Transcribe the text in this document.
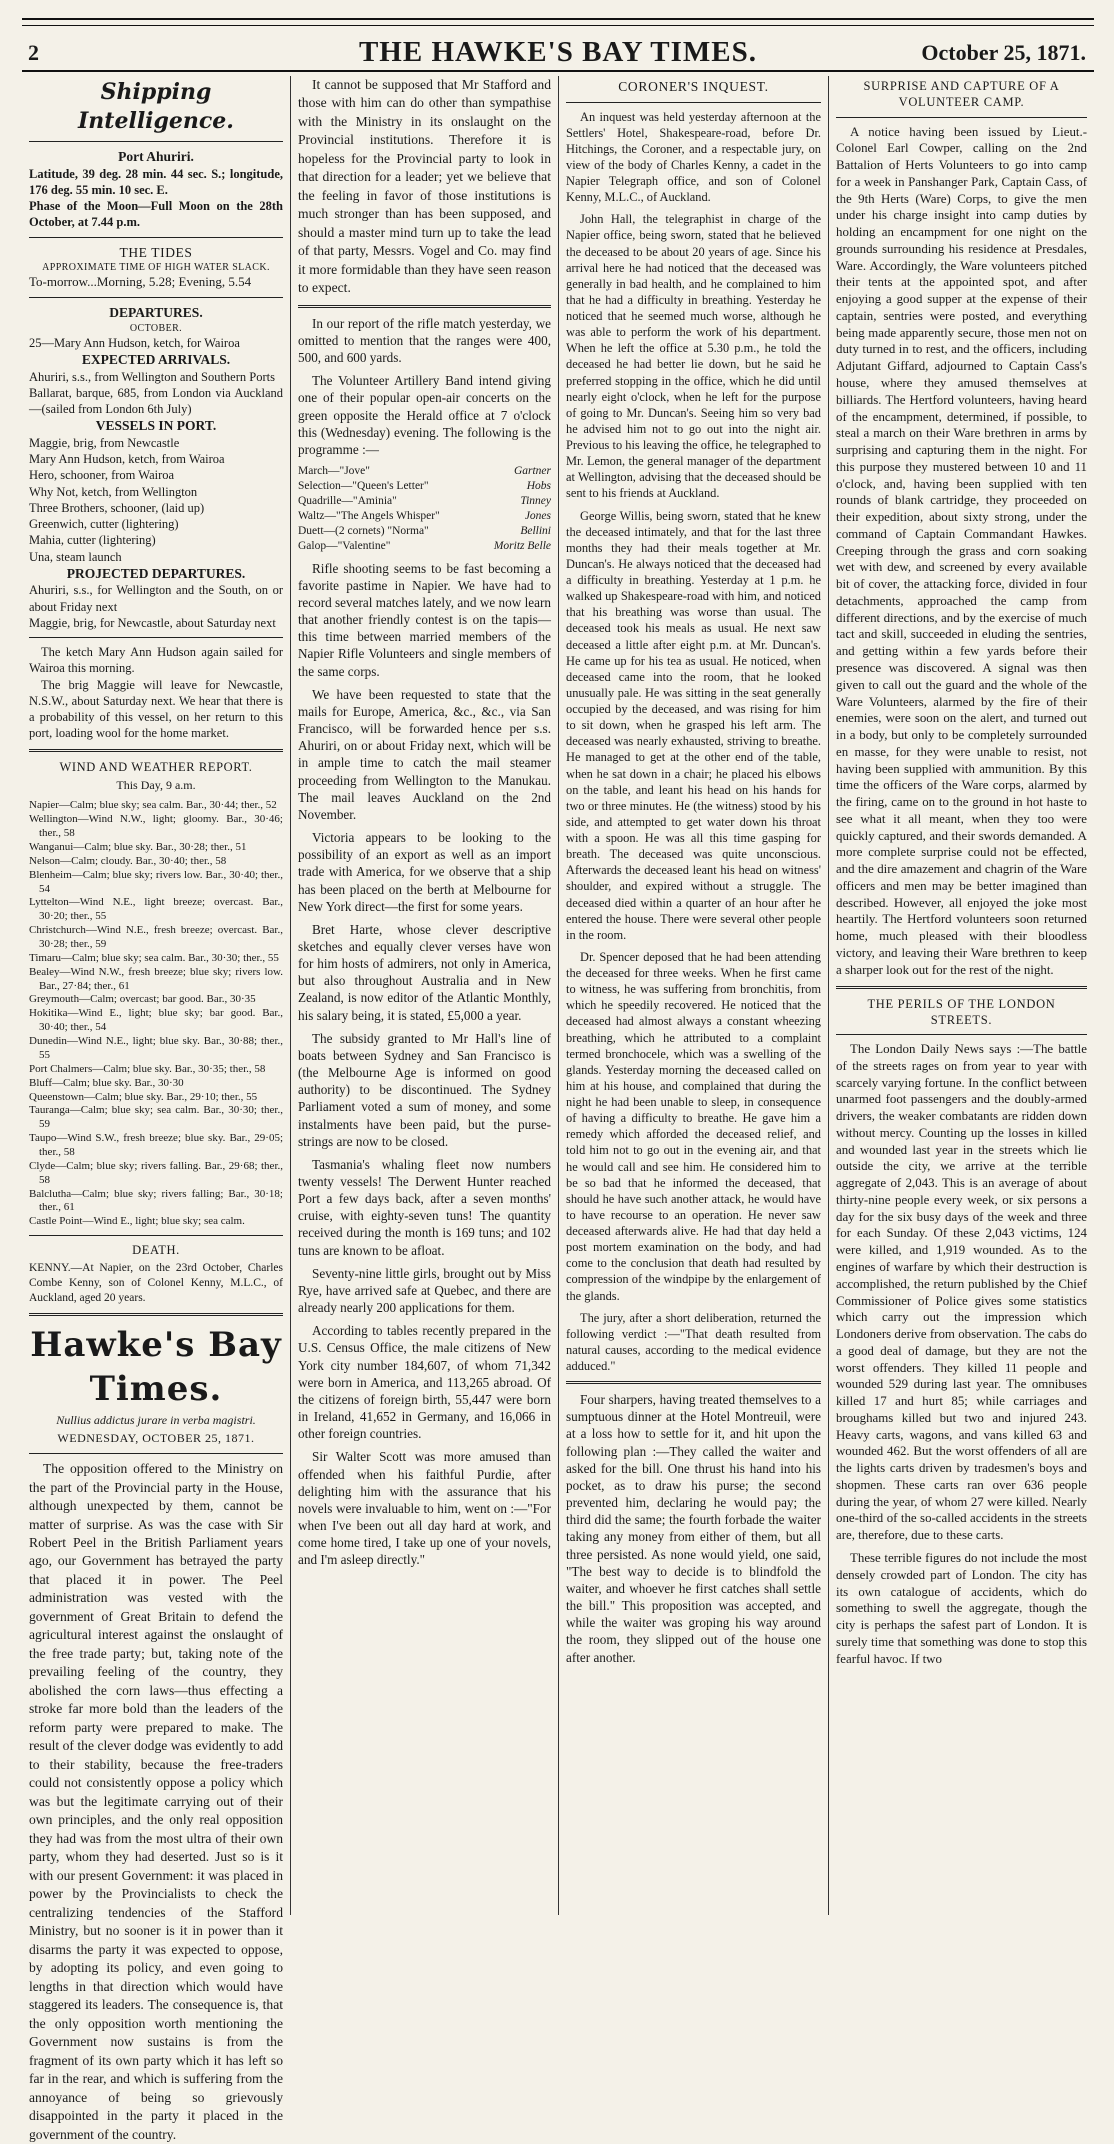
2	THE HAWKE'S BAY TIMES.	October 25, 1871.
Shipping Intelligence.

Port Ahuriri.

Latitude, 39 deg. 28 min. 44 sec. S.; longitude, 176 deg. 55 min. 10 sec. E.

Phase of the Moon—Full Moon on the 28th October, at 7.44 p.m.

THE TIDES

APPROXIMATE TIME OF HIGH WATER SLACK.

To-morrow...Morning, 5.28; Evening, 5.54

DEPARTURES.

OCTOBER.

25—Mary Ann Hudson, ketch, for Wairoa

EXPECTED ARRIVALS.

Ahuriri, s.s., from Wellington and Southern Ports

Ballarat, barque, 685, from London via Auckland—(sailed from London 6th July)

VESSELS IN PORT.

Maggie, brig, from Newcastle

Mary Ann Hudson, ketch, from Wairoa

Hero, schooner, from Wairoa

Why Not, ketch, from Wellington

Three Brothers, schooner, (laid up)

Greenwich, cutter (lightering)

Mahia, cutter (lightering)

Una, steam launch

PROJECTED DEPARTURES.

Ahuriri, s.s., for Wellington and the South, on or about Friday next

Maggie, brig, for Newcastle, about Saturday next

The ketch Mary Ann Hudson again sailed for Wairoa this morning.

The brig Maggie will leave for Newcastle, N.S.W., about Saturday next. We hear that there is a probability of this vessel, on her return to this port, loading wool for the home market.

WIND AND WEATHER REPORT.

This Day, 9 a.m.

Napier—Calm; blue sky; sea calm. Bar., 30·44; ther., 52

Wellington—Wind N.W., light; gloomy. Bar., 30·46; ther., 58

Wanganui—Calm; blue sky. Bar., 30·28; ther., 51

Nelson—Calm; cloudy. Bar., 30·40; ther., 58

Blenheim—Calm; blue sky; rivers low. Bar., 30·40; ther., 54

Lyttelton—Wind N.E., light breeze; overcast. Bar., 30·20; ther., 55

Christchurch—Wind N.E., fresh breeze; overcast. Bar., 30·28; ther., 59

Timaru—Calm; blue sky; sea calm. Bar., 30·30; ther., 55

Bealey—Wind N.W., fresh breeze; blue sky; rivers low. Bar., 27·84; ther., 61

Greymouth—Calm; overcast; bar good. Bar., 30·35

Hokitika—Wind E., light; blue sky; bar good. Bar., 30·40; ther., 54

Dunedin—Wind N.E., light; blue sky. Bar., 30·88; ther., 55

Port Chalmers—Calm; blue sky. Bar., 30·35; ther., 58

Bluff—Calm; blue sky. Bar., 30·30

Queenstown—Calm; blue sky. Bar., 29·10; ther., 55

Tauranga—Calm; blue sky; sea calm. Bar., 30·30; ther., 59

Taupo—Wind S.W., fresh breeze; blue sky. Bar., 29·05; ther., 58

Clyde—Calm; blue sky; rivers falling. Bar., 29·68; ther., 58

Balclutha—Calm; blue sky; rivers falling; Bar., 30·18; ther., 61

Castle Point—Wind E., light; blue sky; sea calm.

DEATH.

KENNY.—At Napier, on the 23rd October, Charles Combe Kenny, son of Colonel Kenny, M.L.C., of Auckland, aged 20 years.

Hawke's Bay Times.

Nullius addictus jurare in verba magistri.

WEDNESDAY, OCTOBER 25, 1871.

The opposition offered to the Ministry on the part of the Provincial party in the House, although unexpected by them, cannot be matter of surprise. As was the case with Sir Robert Peel in the British Parliament years ago, our Government has betrayed the party that placed it in power. The Peel administration was vested with the government of Great Britain to defend the agricultural interest against the onslaught of the free trade party; but, taking note of the prevailing feeling of the country, they abolished the corn laws—thus effecting a stroke far more bold than the leaders of the reform party were prepared to make. The result of the clever dodge was evidently to add to their stability, because the free-traders could not consistently oppose a policy which was but the legitimate carrying out of their own principles, and the only real opposition they had was from the most ultra of their own party, whom they had deserted. Just so is it with our present Government: it was placed in power by the Provincialists to check the centralizing tendencies of the Stafford Ministry, but no sooner is it in power than it disarms the party it was expected to oppose, by adopting its policy, and even going to lengths in that direction which would have staggered its leaders. The consequence is, that the only opposition worth mentioning the Government now sustains is from the fragment of its own party which it has left so far in the rear, and which is suffering from the annoyance of being so grievously disappointed in the party it placed in the government of the country.

It cannot be supposed that Mr Stafford and those with him can do other than sympathise with the Ministry in its onslaught on the Provincial institutions. Therefore it is hopeless for the Provincial party to look in that direction for a leader; yet we believe that the feeling in favor of those institutions is much stronger than has been supposed, and should a master mind turn up to take the lead of that party, Messrs. Vogel and Co. may find it more formidable than they have seen reason to expect.

In our report of the rifle match yesterday, we omitted to mention that the ranges were 400, 500, and 600 yards.

The Volunteer Artillery Band intend giving one of their popular open-air concerts on the green opposite the Herald office at 7 o'clock this (Wednesday) evening. The following is the programme :—

March—"Jove"	Gartner
Selection—"Queen's Letter"	Hobs
Quadrille—"Aminia"	Tinney
Waltz—"The Angels Whisper"	Jones
Duett—(2 cornets) "Norma"	Bellini
Galop—"Valentine"	Moritz Belle

Rifle shooting seems to be fast becoming a favorite pastime in Napier. We have had to record several matches lately, and we now learn that another friendly contest is on the tapis—this time between married members of the Napier Rifle Volunteers and single members of the same corps.

We have been requested to state that the mails for Europe, America, &c., &c., via San Francisco, will be forwarded hence per s.s. Ahuriri, on or about Friday next, which will be in ample time to catch the mail steamer proceeding from Wellington to the Manukau. The mail leaves Auckland on the 2nd November.

Victoria appears to be looking to the possibility of an export as well as an import trade with America, for we observe that a ship has been placed on the berth at Melbourne for New York direct—the first for some years.

Bret Harte, whose clever descriptive sketches and equally clever verses have won for him hosts of admirers, not only in America, but also throughout Australia and in New Zealand, is now editor of the Atlantic Monthly, his salary being, it is stated, £5,000 a year.

The subsidy granted to Mr Hall's line of boats between Sydney and San Francisco is (the Melbourne Age is informed on good authority) to be discontinued. The Sydney Parliament voted a sum of money, and some instalments have been paid, but the purse-strings are now to be closed.

Tasmania's whaling fleet now numbers twenty vessels! The Derwent Hunter reached Port a few days back, after a seven months' cruise, with eighty-seven tuns! The quantity received during the month is 169 tuns; and 102 tuns are known to be afloat.

Seventy-nine little girls, brought out by Miss Rye, have arrived safe at Quebec, and there are already nearly 200 applications for them.

According to tables recently prepared in the U.S. Census Office, the male citizens of New York city number 184,607, of whom 71,342 were born in America, and 113,265 abroad. Of the citizens of foreign birth, 55,447 were born in Ireland, 41,652 in Germany, and 16,066 in other foreign countries.

Sir Walter Scott was more amused than offended when his faithful Purdie, after delighting him with the assurance that his novels were invaluable to him, went on :—"For when I've been out all day hard at work, and come home tired, I take up one of your novels, and I'm asleep directly."

CORONER'S INQUEST.

An inquest was held yesterday afternoon at the Settlers' Hotel, Shakespeare-road, before Dr. Hitchings, the Coroner, and a respectable jury, on view of the body of Charles Kenny, a cadet in the Napier Telegraph office, and son of Colonel Kenny, M.L.C., of Auckland.

John Hall, the telegraphist in charge of the Napier office, being sworn, stated that he believed the deceased to be about 20 years of age. Since his arrival here he had noticed that the deceased was generally in bad health, and he complained to him that he had a difficulty in breathing. Yesterday he noticed that he seemed much worse, although he was able to perform the work of his department. When he left the office at 5.30 p.m., he told the deceased he had better lie down, but he said he preferred stopping in the office, which he did until nearly eight o'clock, when he left for the purpose of going to Mr. Duncan's. Seeing him so very bad he advised him not to go out into the night air. Previous to his leaving the office, he telegraphed to Mr. Lemon, the general manager of the department at Wellington, advising that the deceased should be sent to his friends at Auckland.

George Willis, being sworn, stated that he knew the deceased intimately, and that for the last three months they had their meals together at Mr. Duncan's. He always noticed that the deceased had a difficulty in breathing. Yesterday at 1 p.m. he walked up Shakespeare-road with him, and noticed that his breathing was worse than usual. The deceased took his meals as usual. He next saw deceased a little after eight p.m. at Mr. Duncan's. He came up for his tea as usual. He noticed, when deceased came into the room, that he looked unusually pale. He was sitting in the seat generally occupied by the deceased, and was rising for him to sit down, when he grasped his left arm. The deceased was nearly exhausted, striving to breathe. He managed to get at the other end of the table, when he sat down in a chair; he placed his elbows on the table, and leant his head on his hands for two or three minutes. He (the witness) stood by his side, and attempted to get water down his throat with a spoon. He was all this time gasping for breath. The deceased was quite unconscious. Afterwards the deceased leant his head on witness' shoulder, and expired without a struggle. The deceased died within a quarter of an hour after he entered the house. There were several other people in the room.

Dr. Spencer deposed that he had been attending the deceased for three weeks. When he first came to witness, he was suffering from bronchitis, from which he speedily recovered. He noticed that the deceased had almost always a constant wheezing breathing, which he attributed to a complaint termed bronchocele, which was a swelling of the glands. Yesterday morning the deceased called on him at his house, and complained that during the night he had been unable to sleep, in consequence of having a difficulty to breathe. He gave him a remedy which afforded the deceased relief, and told him not to go out in the evening air, and that he would call and see him. He considered him to be so bad that he informed the deceased, that should he have such another attack, he would have to have recourse to an operation. He never saw deceased afterwards alive. He had that day held a post mortem examination on the body, and had come to the conclusion that death had resulted by compression of the windpipe by the enlargement of the glands.

The jury, after a short deliberation, returned the following verdict :—"That death resulted from natural causes, according to the medical evidence adduced."

Four sharpers, having treated themselves to a sumptuous dinner at the Hotel Montreuil, were at a loss how to settle for it, and hit upon the following plan :—They called the waiter and asked for the bill. One thrust his hand into his pocket, as to draw his purse; the second prevented him, declaring he would pay; the third did the same; the fourth forbade the waiter taking any money from either of them, but all three persisted. As none would yield, one said, "The best way to decide is to blindfold the waiter, and whoever he first catches shall settle the bill." This proposition was accepted, and while the waiter was groping his way around the room, they slipped out of the house one after another.

SURPRISE AND CAPTURE OF A VOLUNTEER CAMP.

A notice having been issued by Lieut.-Colonel Earl Cowper, calling on the 2nd Battalion of Herts Volunteers to go into camp for a week in Panshanger Park, Captain Cass, of the 9th Herts (Ware) Corps, to give the men under his charge insight into camp duties by holding an encampment for one night on the grounds surrounding his residence at Presdales, Ware. Accordingly, the Ware volunteers pitched their tents at the appointed spot, and after enjoying a good supper at the expense of their captain, sentries were posted, and everything being made apparently secure, those men not on duty turned in to rest, and the officers, including Adjutant Giffard, adjourned to Captain Cass's house, where they amused themselves at billiards. The Hertford volunteers, having heard of the encampment, determined, if possible, to steal a march on their Ware brethren in arms by surprising and capturing them in the night. For this purpose they mustered between 10 and 11 o'clock, and, having been supplied with ten rounds of blank cartridge, they proceeded on their expedition, about sixty strong, under the command of Captain Commandant Hawkes. Creeping through the grass and corn soaking wet with dew, and screened by every available bit of cover, the attacking force, divided in four detachments, approached the camp from different directions, and by the exercise of much tact and skill, succeeded in eluding the sentries, and getting within a few yards before their presence was discovered. A signal was then given to call out the guard and the whole of the Ware Volunteers, alarmed by the fire of their enemies, were soon on the alert, and turned out in a body, but only to be completely surrounded en masse, for they were unable to resist, not having been supplied with ammunition. By this time the officers of the Ware corps, alarmed by the firing, came on to the ground in hot haste to see what it all meant, when they too were quickly captured, and their swords demanded. A more complete surprise could not be effected, and the dire amazement and chagrin of the Ware officers and men may be better imagined than described. However, all enjoyed the joke most heartily. The Hertford volunteers soon returned home, much pleased with their bloodless victory, and leaving their Ware brethren to keep a sharper look out for the rest of the night.

THE PERILS OF THE LONDON STREETS.

The London Daily News says :—The battle of the streets rages on from year to year with scarcely varying fortune. In the conflict between unarmed foot passengers and the doubly-armed drivers, the weaker combatants are ridden down without mercy. Counting up the losses in killed and wounded last year in the streets which lie outside the city, we arrive at the terrible aggregate of 2,043. This is an average of about thirty-nine people every week, or six persons a day for the six busy days of the week and three for each Sunday. Of these 2,043 victims, 124 were killed, and 1,919 wounded. As to the engines of warfare by which their destruction is accomplished, the return published by the Chief Commissioner of Police gives some statistics which carry out the impression which Londoners derive from observation. The cabs do a good deal of damage, but they are not the worst offenders. They killed 11 people and wounded 529 during last year. The omnibuses killed 17 and hurt 85; while carriages and broughams killed but two and injured 243. Heavy carts, wagons, and vans killed 63 and wounded 462. But the worst offenders of all are the lights carts driven by tradesmen's boys and shopmen. These carts ran over 636 people during the year, of whom 27 were killed. Nearly one-third of the so-called accidents in the streets are, therefore, due to these carts.

These terrible figures do not include the most densely crowded part of London. The city has its own catalogue of accidents, which do something to swell the aggregate, though the city is perhaps the safest part of London. It is surely time that something was done to stop this fearful havoc. If two
